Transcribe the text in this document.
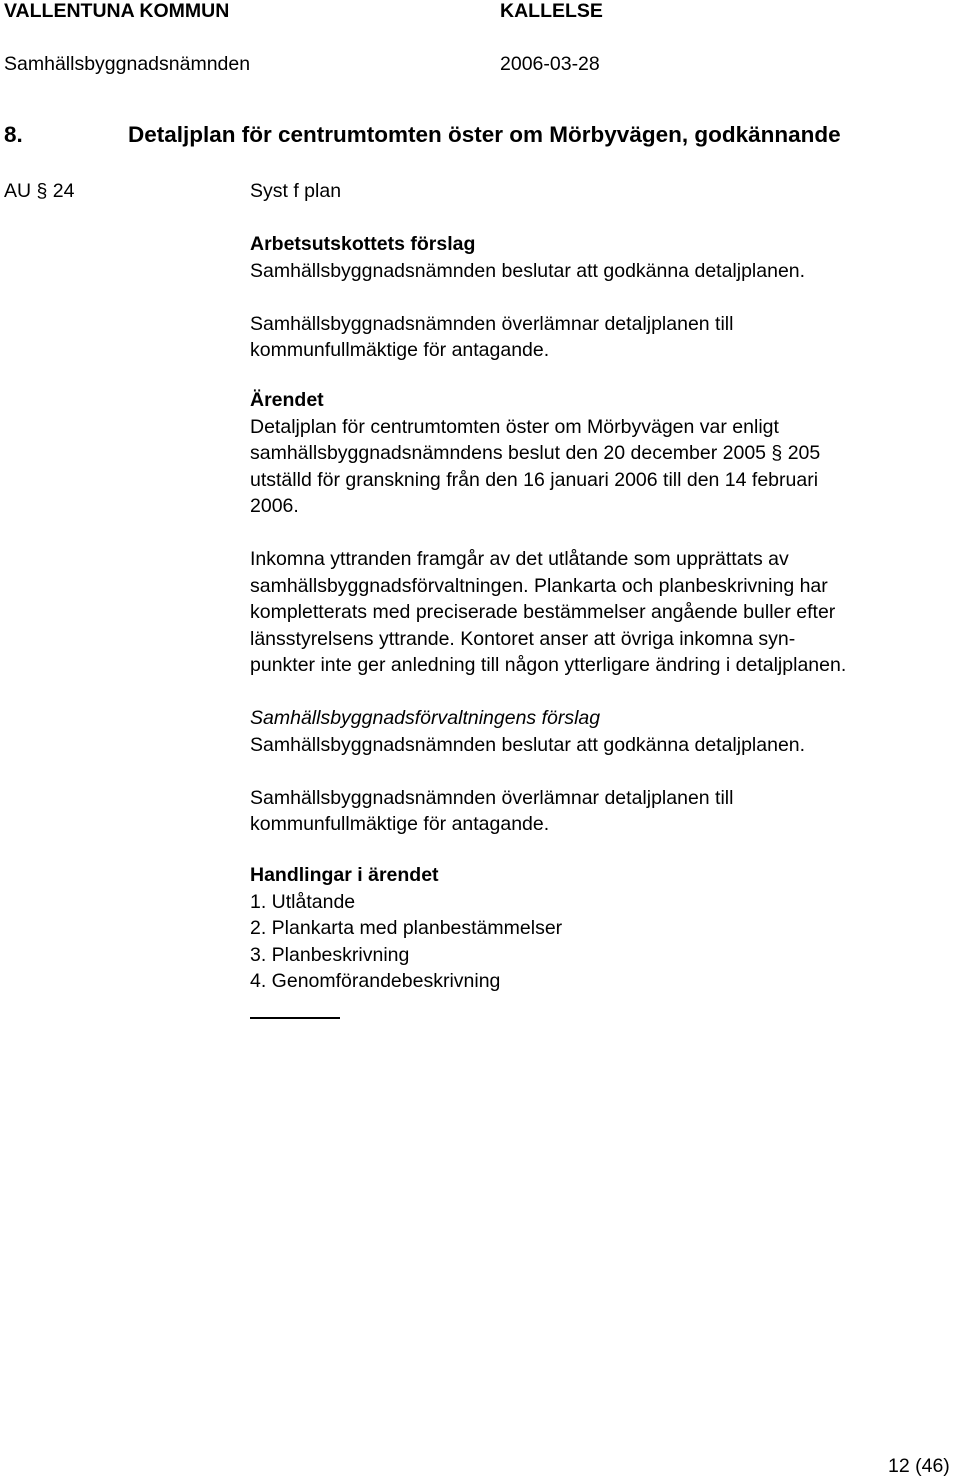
VALLENTUNA KOMMUN	KALLELSE
Samhällsbyggnadsnämnden	2006-03-28
8.	Detaljplan för centrumtomten öster om Mörbyvägen, godkännande
AU § 24	Syst f plan

Arbetsutskottets förslag

Samhällsbyggnadsnämnden beslutar att godkänna detaljplanen.

Samhällsbyggnadsnämnden överlämnar detaljplanen till

kommunfullmäktige för antagande.

Ärendet

Detaljplan för centrumtomten öster om Mörbyvägen var enligt

samhällsbyggnadsnämndens beslut den 20 december 2005 § 205

utställd för granskning från den 16 januari 2006 till den 14 februari

2006.

Inkomna yttranden framgår av det utlåtande som upprättats av

samhällsbyggnadsförvaltningen. Plankarta och planbeskrivning har

kompletterats med preciserade bestämmelser angående buller efter

länsstyrelsens yttrande. Kontoret anser att övriga inkomna syn-

punkter inte ger anledning till någon ytterligare ändring i detaljplanen.

Samhällsbyggnadsförvaltningens förslag

Samhällsbyggnadsnämnden beslutar att godkänna detaljplanen.

Samhällsbyggnadsnämnden överlämnar detaljplanen till

kommunfullmäktige för antagande.

Handlingar i ärendet

1. Utlåtande

2. Plankarta med planbestämmelser

3. Planbeskrivning

4. Genomförandebeskrivning

12 (46)
